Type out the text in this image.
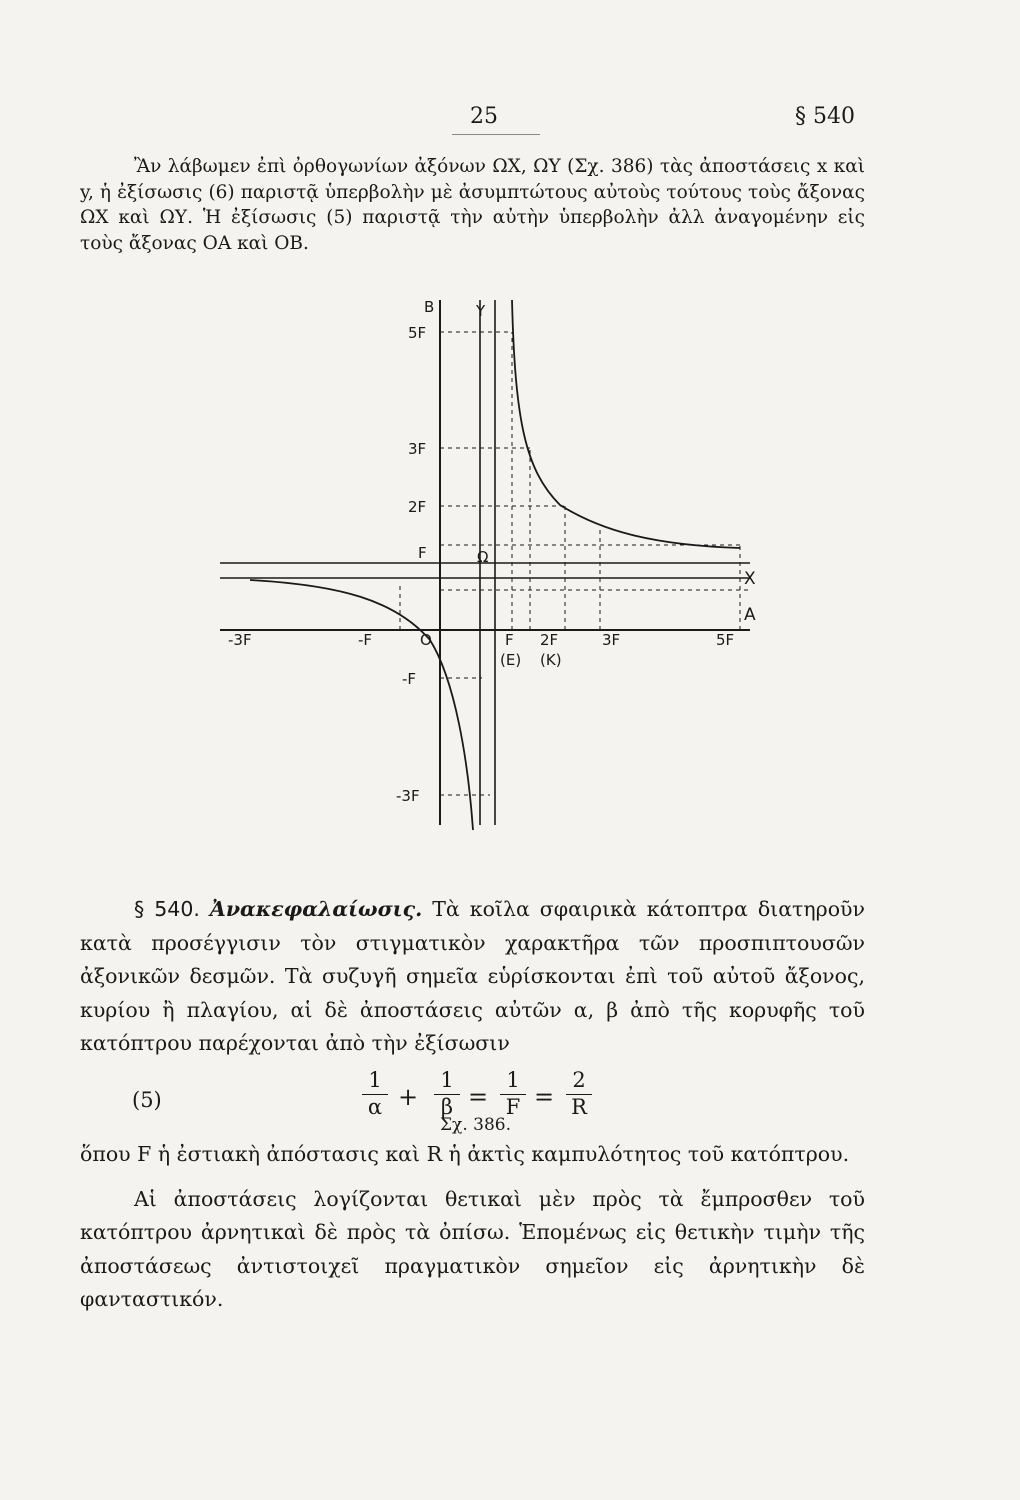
25	§ 540

Ἂν λάβωμεν ἐπὶ ὀρθογωνίων ἀξόνων ΩΧ, ΩΥ (Σχ. 386) τὰς ἀποστάσεις x καὶ y, ἡ ἐξίσωσις (6) παριστᾷ ὑπερβολὴν μὲ ἀσυμπτώτους αὐτοὺς τούτους τοὺς ἄξονας ΩΧ καὶ ΩΥ. Ἡ ἐξίσωσις (5) παριστᾷ τὴν αὐτὴν ὑπερβολὴν ἀλλ ἀναγομένην εἰς τοὺς ἄξονας ΟΑ καὶ ΟΒ.

B	Y
X
A
Ω
5F
3F
2F
F
-F
-3F
-3F	-F	O	F 2F	3F	5F
(E) (K)
Σχ. 386.

§ 540. Ἀνακεφαλαίωσις. Τὰ κοῖλα σφαιρικὰ κάτοπτρα διατηροῦν κατὰ προσέγγισιν τὸν στιγματικὸν χαρακτῆρα τῶν προσπιπτουσῶν ἀξονικῶν δεσμῶν. Τὰ συζυγῆ σημεῖα εὑρίσκονται ἐπὶ τοῦ αὐτοῦ ἄξονος, κυρίου ἢ πλαγίου, αἱ δὲ ἀποστάσεις αὐτῶν α, β ἀπὸ τῆς κορυφῆς τοῦ κατόπτρου παρέχονται ἀπὸ τὴν ἐξίσωσιν

(5)
1
α +
1
β =
1
F =
2
R

ὅπου F ἡ ἐστιακὴ ἀπόστασις καὶ R ἡ ἀκτὶς καμπυλότητος τοῦ κατόπτρου.

Αἱ ἀποστάσεις λογίζονται θετικαὶ μὲν πρὸς τὰ ἔμπροσθεν τοῦ κατόπτρου ἀρνητικαὶ δὲ πρὸς τὰ ὀπίσω. Ἑπομένως εἰς θετικὴν τιμὴν τῆς ἀποστάσεως ἀντιστοιχεῖ πραγματικὸν σημεῖον εἰς ἀρνητικὴν δὲ φανταστικόν.
